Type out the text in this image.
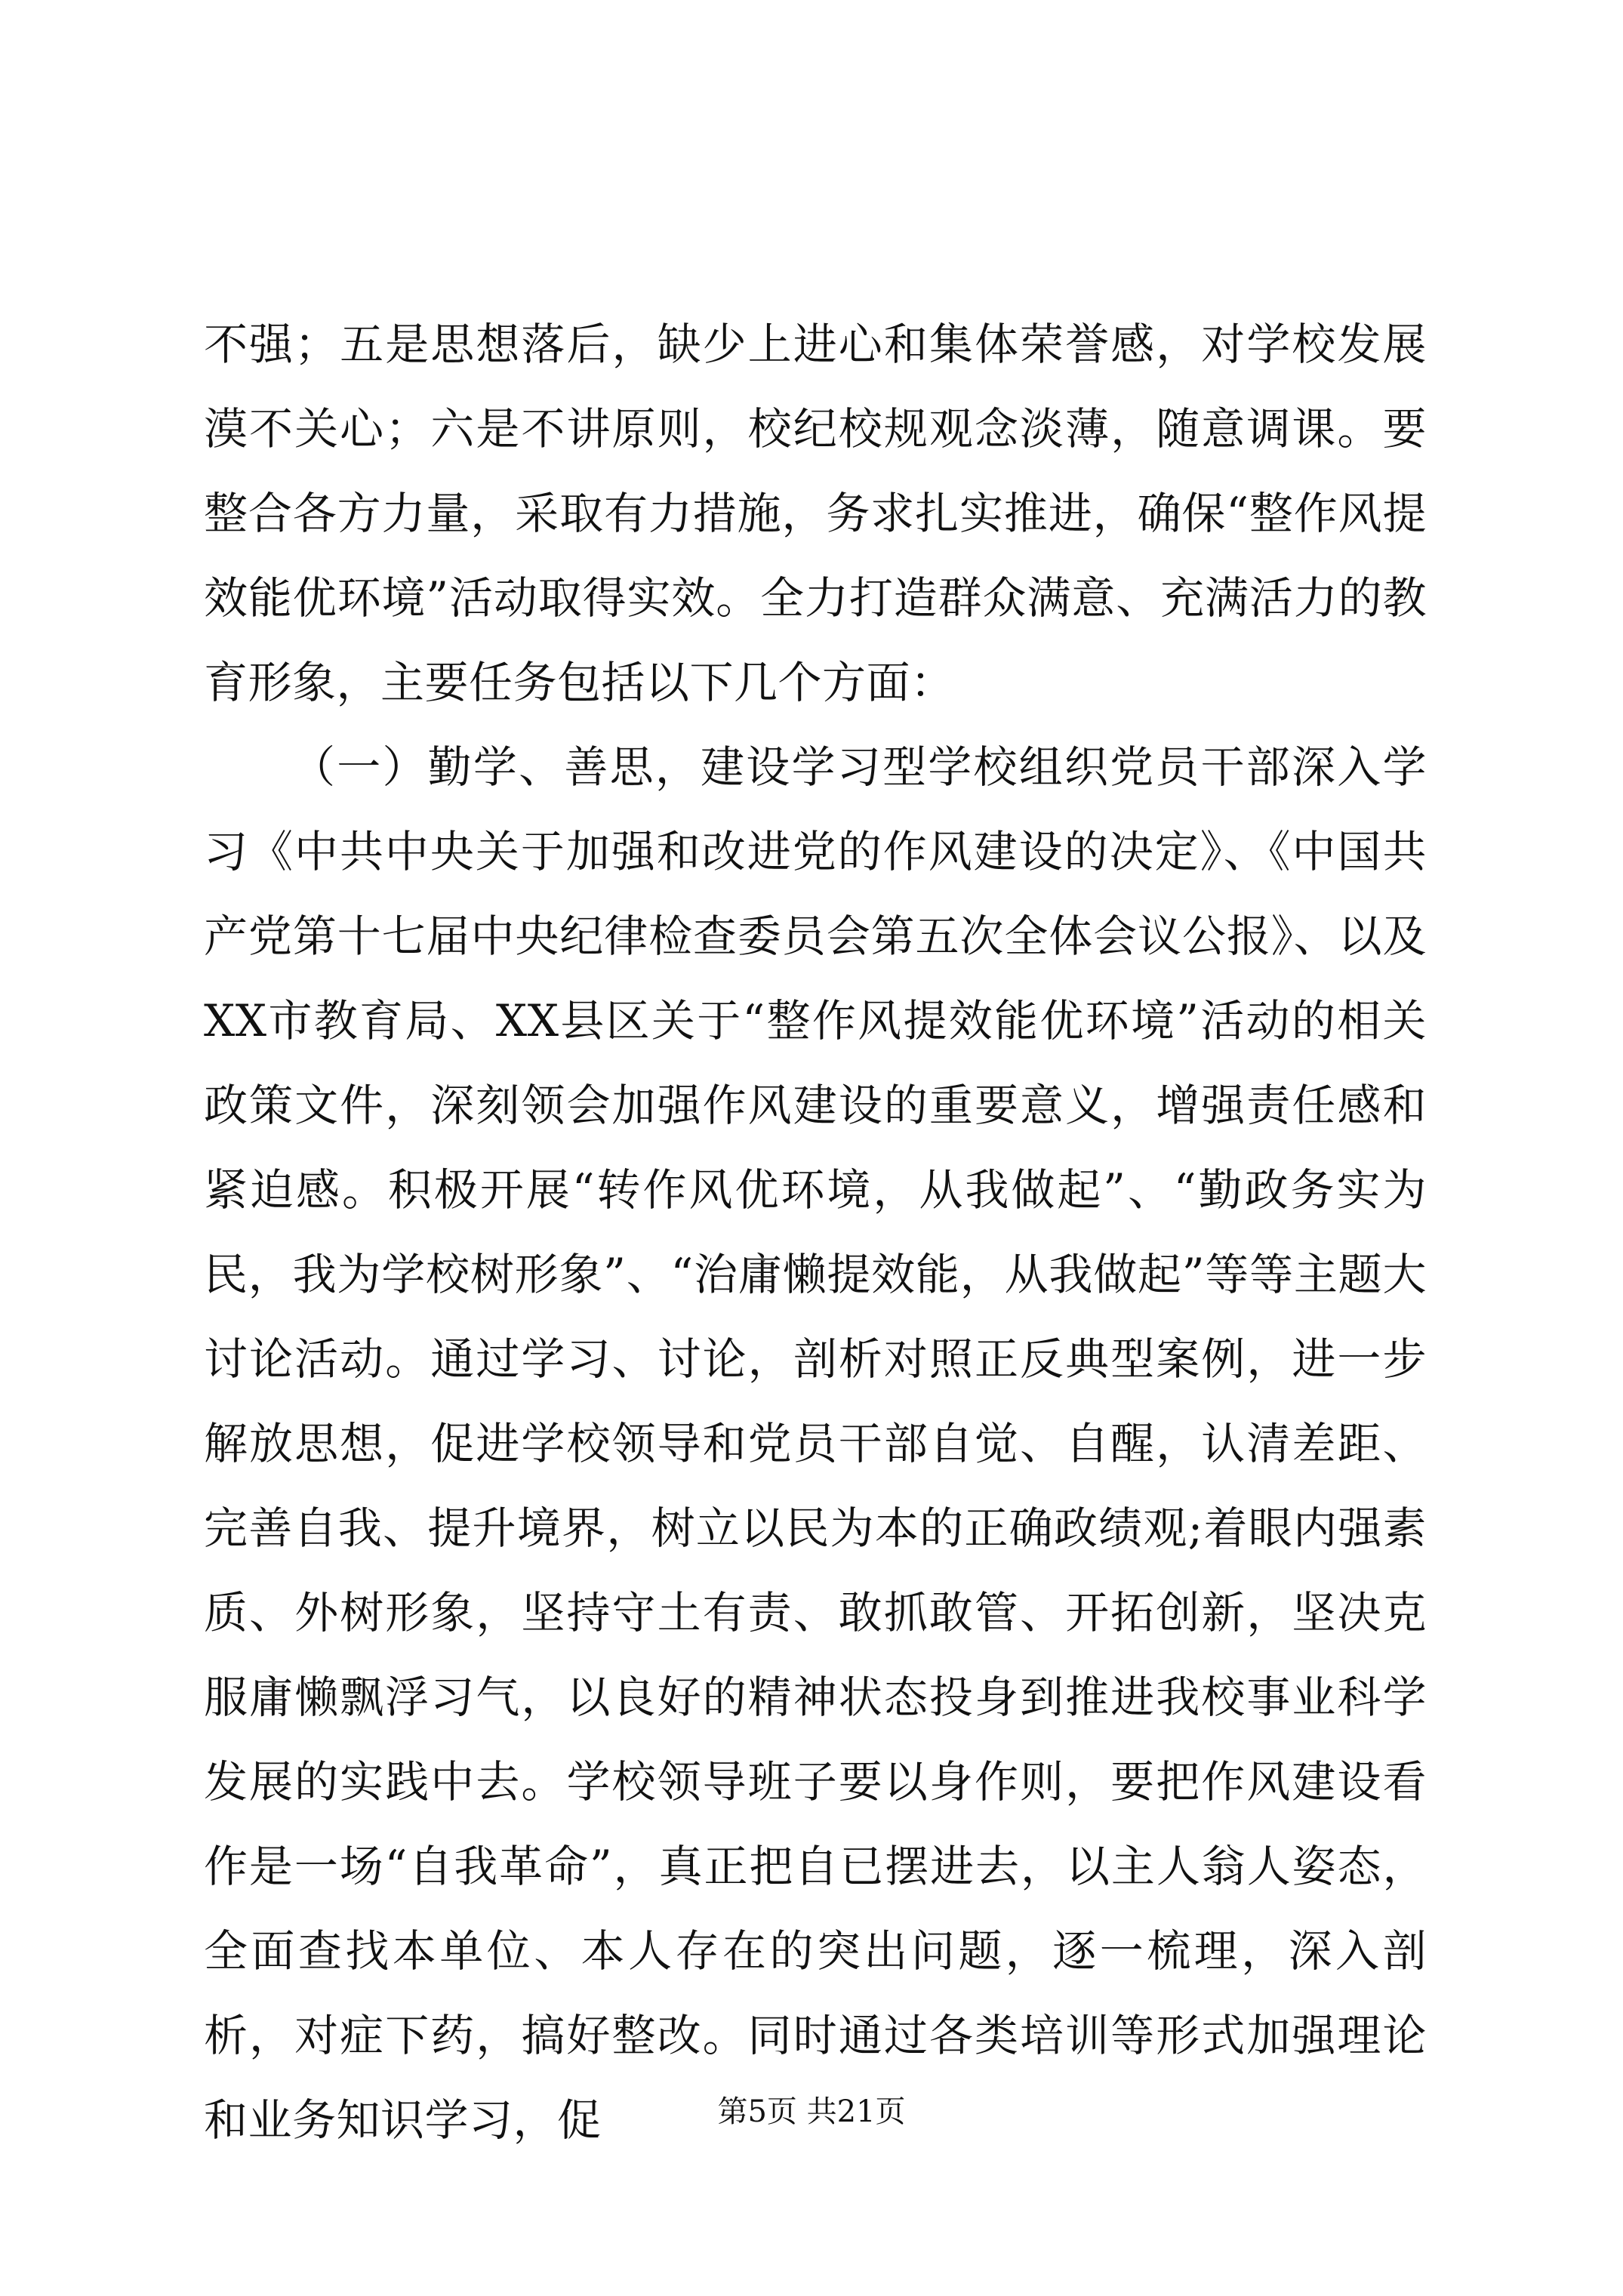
不强；五是思想落后，缺少上进心和集体荣誉感，对学校发展漠不关心；六是不讲原则，校纪校规观念淡薄，随意调课。要整合各方力量，采取有力措施，务求扎实推进，确保“整作风提效能优环境”活动取得实效。全力打造群众满意、充满活力的教育形象，主要任务包括以下几个方面：

（一）勤学、善思，建设学习型学校组织党员干部深入学习《中共中央关于加强和改进党的作风建设的决定》、《中国共产党第十七届中央纪律检查委员会第五次全体会议公报》、以及XX市教育局、XX县区关于“整作风提效能优环境”活动的相关政策文件，深刻领会加强作风建设的重要意义，增强责任感和紧迫感。积极开展“转作风优环境，从我做起”、“勤政务实为民，我为学校树形象”、“治庸懒提效能，从我做起”等等主题大讨论活动。通过学习、讨论，剖析对照正反典型案例，进一步解放思想，促进学校领导和党员干部自觉、自醒，认清差距、完善自我、提升境界，树立以民为本的正确政绩观;着眼内强素质、外树形象，坚持守土有责、敢抓敢管、开拓创新，坚决克服庸懒飘浮习气，以良好的精神状态投身到推进我校事业科学发展的实践中去。学校领导班子要以身作则，要把作风建设看作是一场“自我革命”，真正把自已摆进去，以主人翁人姿态，全面查找本单位、本人存在的突出问题，逐一梳理，深入剖析，对症下药，搞好整改。同时通过各类培训等形式加强理论和业务知识学习，促	第5页 共21页
